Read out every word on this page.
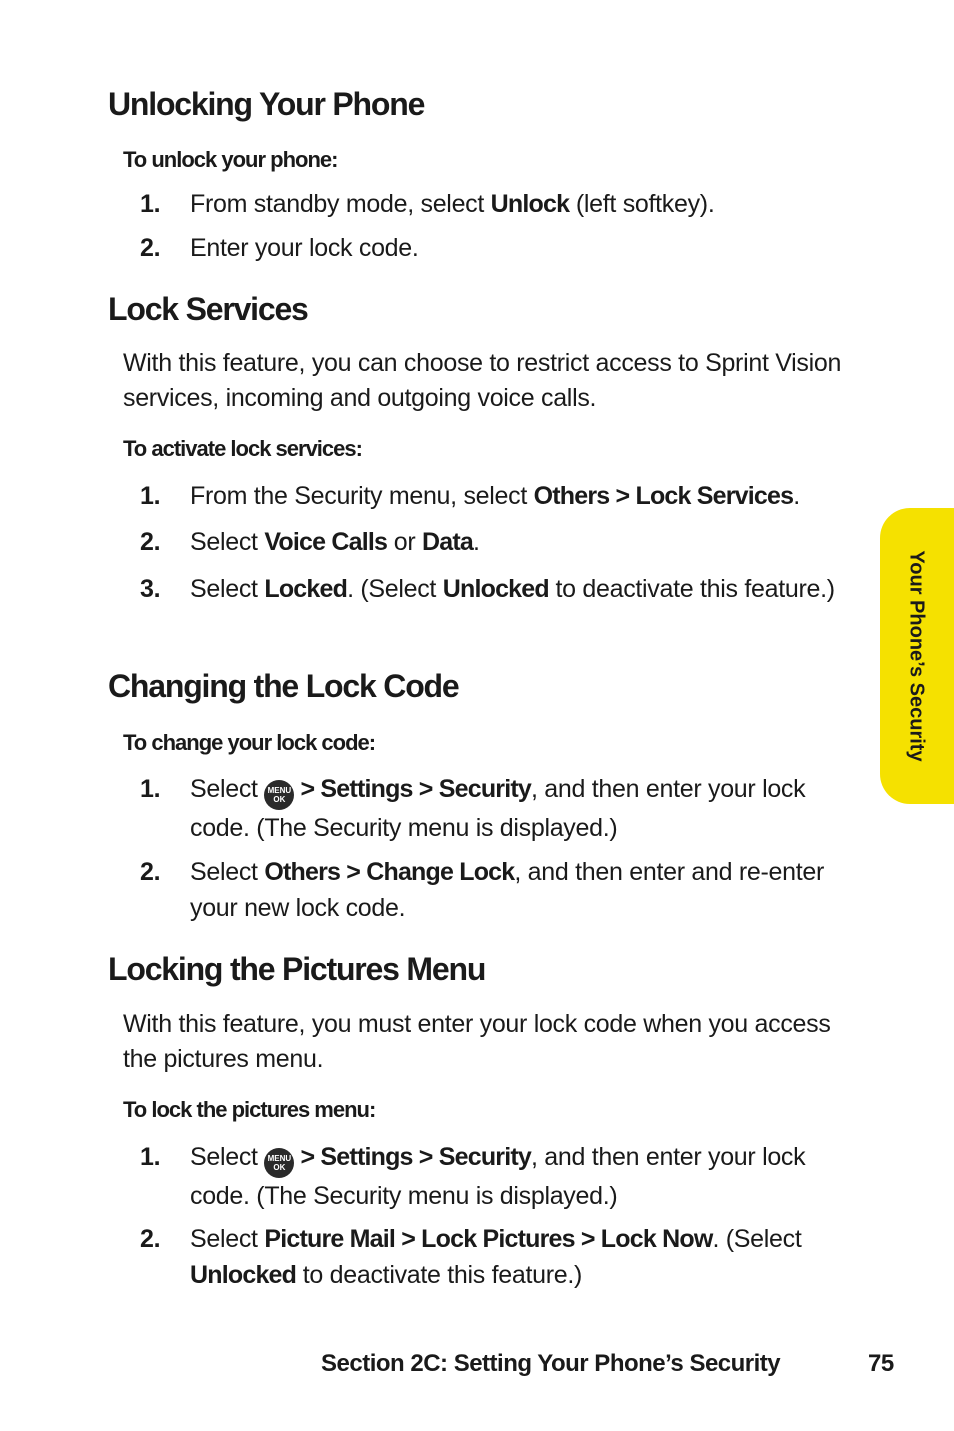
Unlocking Your Phone
To unlock your phone:
1. From standby mode, select Unlock (left softkey).
2. Enter your lock code.
Lock Services

With this feature, you can choose to restrict access to Sprint Vision services, incoming and outgoing voice calls.

To activate lock services:
1. From the Security menu, select Others > Lock Services.
2. Select Voice Calls or Data.
3. Select Locked. (Select Unlocked to deactivate this feature.)
Changing the Lock Code
To change your lock code:
1. Select MENU
OK > Settings > Security, and then enter your lock code. (The Security menu is displayed.)
2. Select Others > Change Lock, and then enter and re-enter your new lock code.
Locking the Pictures Menu

With this feature, you must enter your lock code when you access the pictures menu.

To lock the pictures menu:
1. Select MENU
OK > Settings > Security, and then enter your lock code. (The Security menu is displayed.)
2. Select Picture Mail > Lock Pictures > Lock Now. (Select Unlocked to deactivate this feature.)
Your Phone’s Security
Section 2C: Setting Your Phone’s Security	75
